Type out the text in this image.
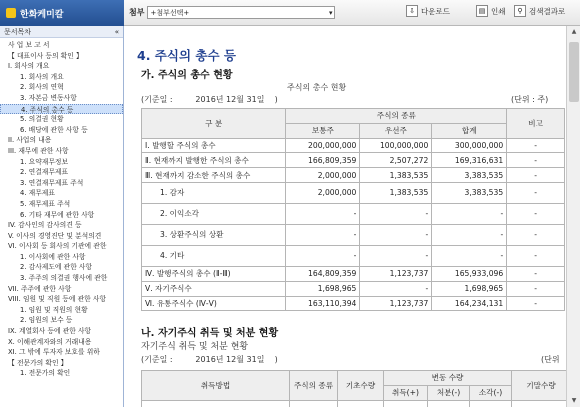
한화케미칼	첨부 +첨부선택+	▾	⇩ 다운로드	▤ 인쇄	⚲ 검색결과로
문서목차	«
사 업 보 고 서
【 대표이사 등의 확인 】
I. 회사의 개요
1. 회사의 개요
2. 회사의 연혁
3. 자본금 변동사항
4. 주식의 총수 등
5. 의결권 현황
6. 배당에 관한 사항 등
II. 사업의 내용
III. 재무에 관한 사항
1. 요약재무정보
2. 연결재무제표
3. 연결재무제표 주석
4. 재무제표
5. 재무제표 주석
6. 기타 재무에 관한 사항
IV. 감사인의 감사의견 등
V. 이사의 경영진단 및 분석의견
VI. 이사회 등 회사의 기관에 관한
1. 이사회에 관한 사항
2. 감사제도에 관한 사항
3. 주주의 의결권 행사에 관한
VII. 주주에 관한 사항
VIII. 임원 및 직원 등에 관한 사항
1. 임원 및 직원의 현황
2. 임원의 보수 등
IX. 계열회사 등에 관한 사항
X. 이해관계자와의 거래내용
XI. 그 밖에 투자자 보호를 위하
【 전문가의 확인 】
1. 전문가의 확인
4. 주식의 총수 등
가. 주식의 총수 현황
주식의 총수 현황
(기준일 :         2016년 12월 31일    )	(단위 : 주)
구 분	주식의 종류			비고
	보통주	우선주	합계	
Ⅰ. 발행할 주식의 총수	200,000,000	100,000,000	300,000,000	-
Ⅱ. 현재까지 발행한 주식의 총수	166,809,359	2,507,272	169,316,631	-
Ⅲ. 현재까지 감소한 주식의 총수	2,000,000	1,383,535	3,383,535	-
1. 감자	2,000,000	1,383,535	3,383,535	-
2. 이익소각	-	-	-	-
3. 상환주식의 상환	-	-	-	-
4. 기타	-	-	-	-
Ⅳ. 발행주식의 총수 (Ⅱ-Ⅲ)	164,809,359	1,123,737	165,933,096	-
Ⅴ. 자기주식수	1,698,965	-	1,698,965	-
Ⅵ. 유통주식수 (Ⅳ-Ⅴ)	163,110,394	1,123,737	164,234,131	-
나. 자기주식 취득 및 처분 현황
자기주식 취득 및 처분 현황
(기준일 :         2016년 12월 31일    )	(단위
취득방법	주식의 종류	기초수량	변동 수량			기말수량
			취득(+)	처분(-)	소각(-)	

▲
▼
